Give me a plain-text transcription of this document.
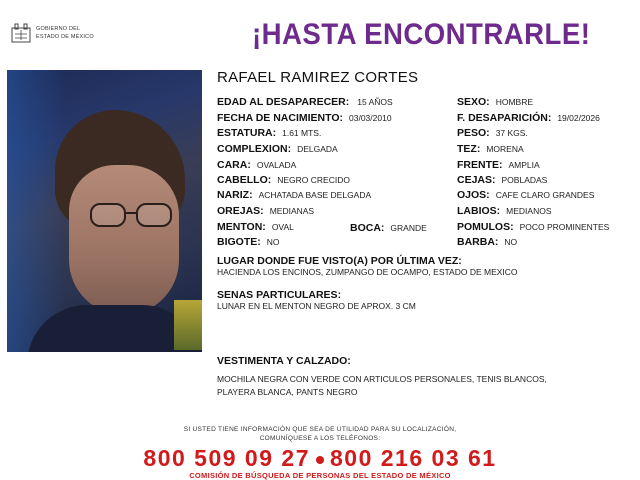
GOBIERNO DEL
ESTADO DE MÉXICO	¡HASTA ENCONTRARLE!
RAFAEL RAMIREZ CORTES
EDAD AL DESAPARECER: 15 AÑOS
FECHA DE NACIMIENTO: 03/03/2010
ESTATURA: 1.61 MTS.
COMPLEXION: DELGADA
CARA: OVALADA
CABELLO: NEGRO CRECIDO
NARIZ: ACHATADA BASE DELGADA
OREJAS: MEDIANAS
MENTON: OVAL	BOCA: GRANDE
BIGOTE: NO
SEXO: HOMBRE
F. DESAPARICIÓN: 19/02/2026
PESO: 37 KGS.
TEZ: MORENA
FRENTE: AMPLIA
CEJAS: POBLADAS
OJOS: CAFE CLARO GRANDES
LABIOS: MEDIANOS
POMULOS: POCO PROMINENTES
BARBA: NO
LUGAR DONDE FUE VISTO(A) POR ÚLTIMA VEZ:
HACIENDA LOS ENCINOS, ZUMPANGO DE OCAMPO, ESTADO DE MEXICO
SENAS PARTICULARES:
LUNAR EN EL MENTON NEGRO DE APROX. 3 CM
VESTIMENTA Y CALZADO:
MOCHILA NEGRA CON VERDE CON ARTICULOS PERSONALES, TENIS BLANCOS,
PLAYERA BLANCA, PANTS NEGRO
SI USTED TIENE INFORMACIÓN QUE SEA DE UTILIDAD PARA SU LOCALIZACIÓN,
COMUNÍQUESE A LOS TELÉFONOS:
800 509 09 27 800 216 03 61
COMISIÓN DE BÚSQUEDA DE PERSONAS DEL ESTADO DE MÉXICO
